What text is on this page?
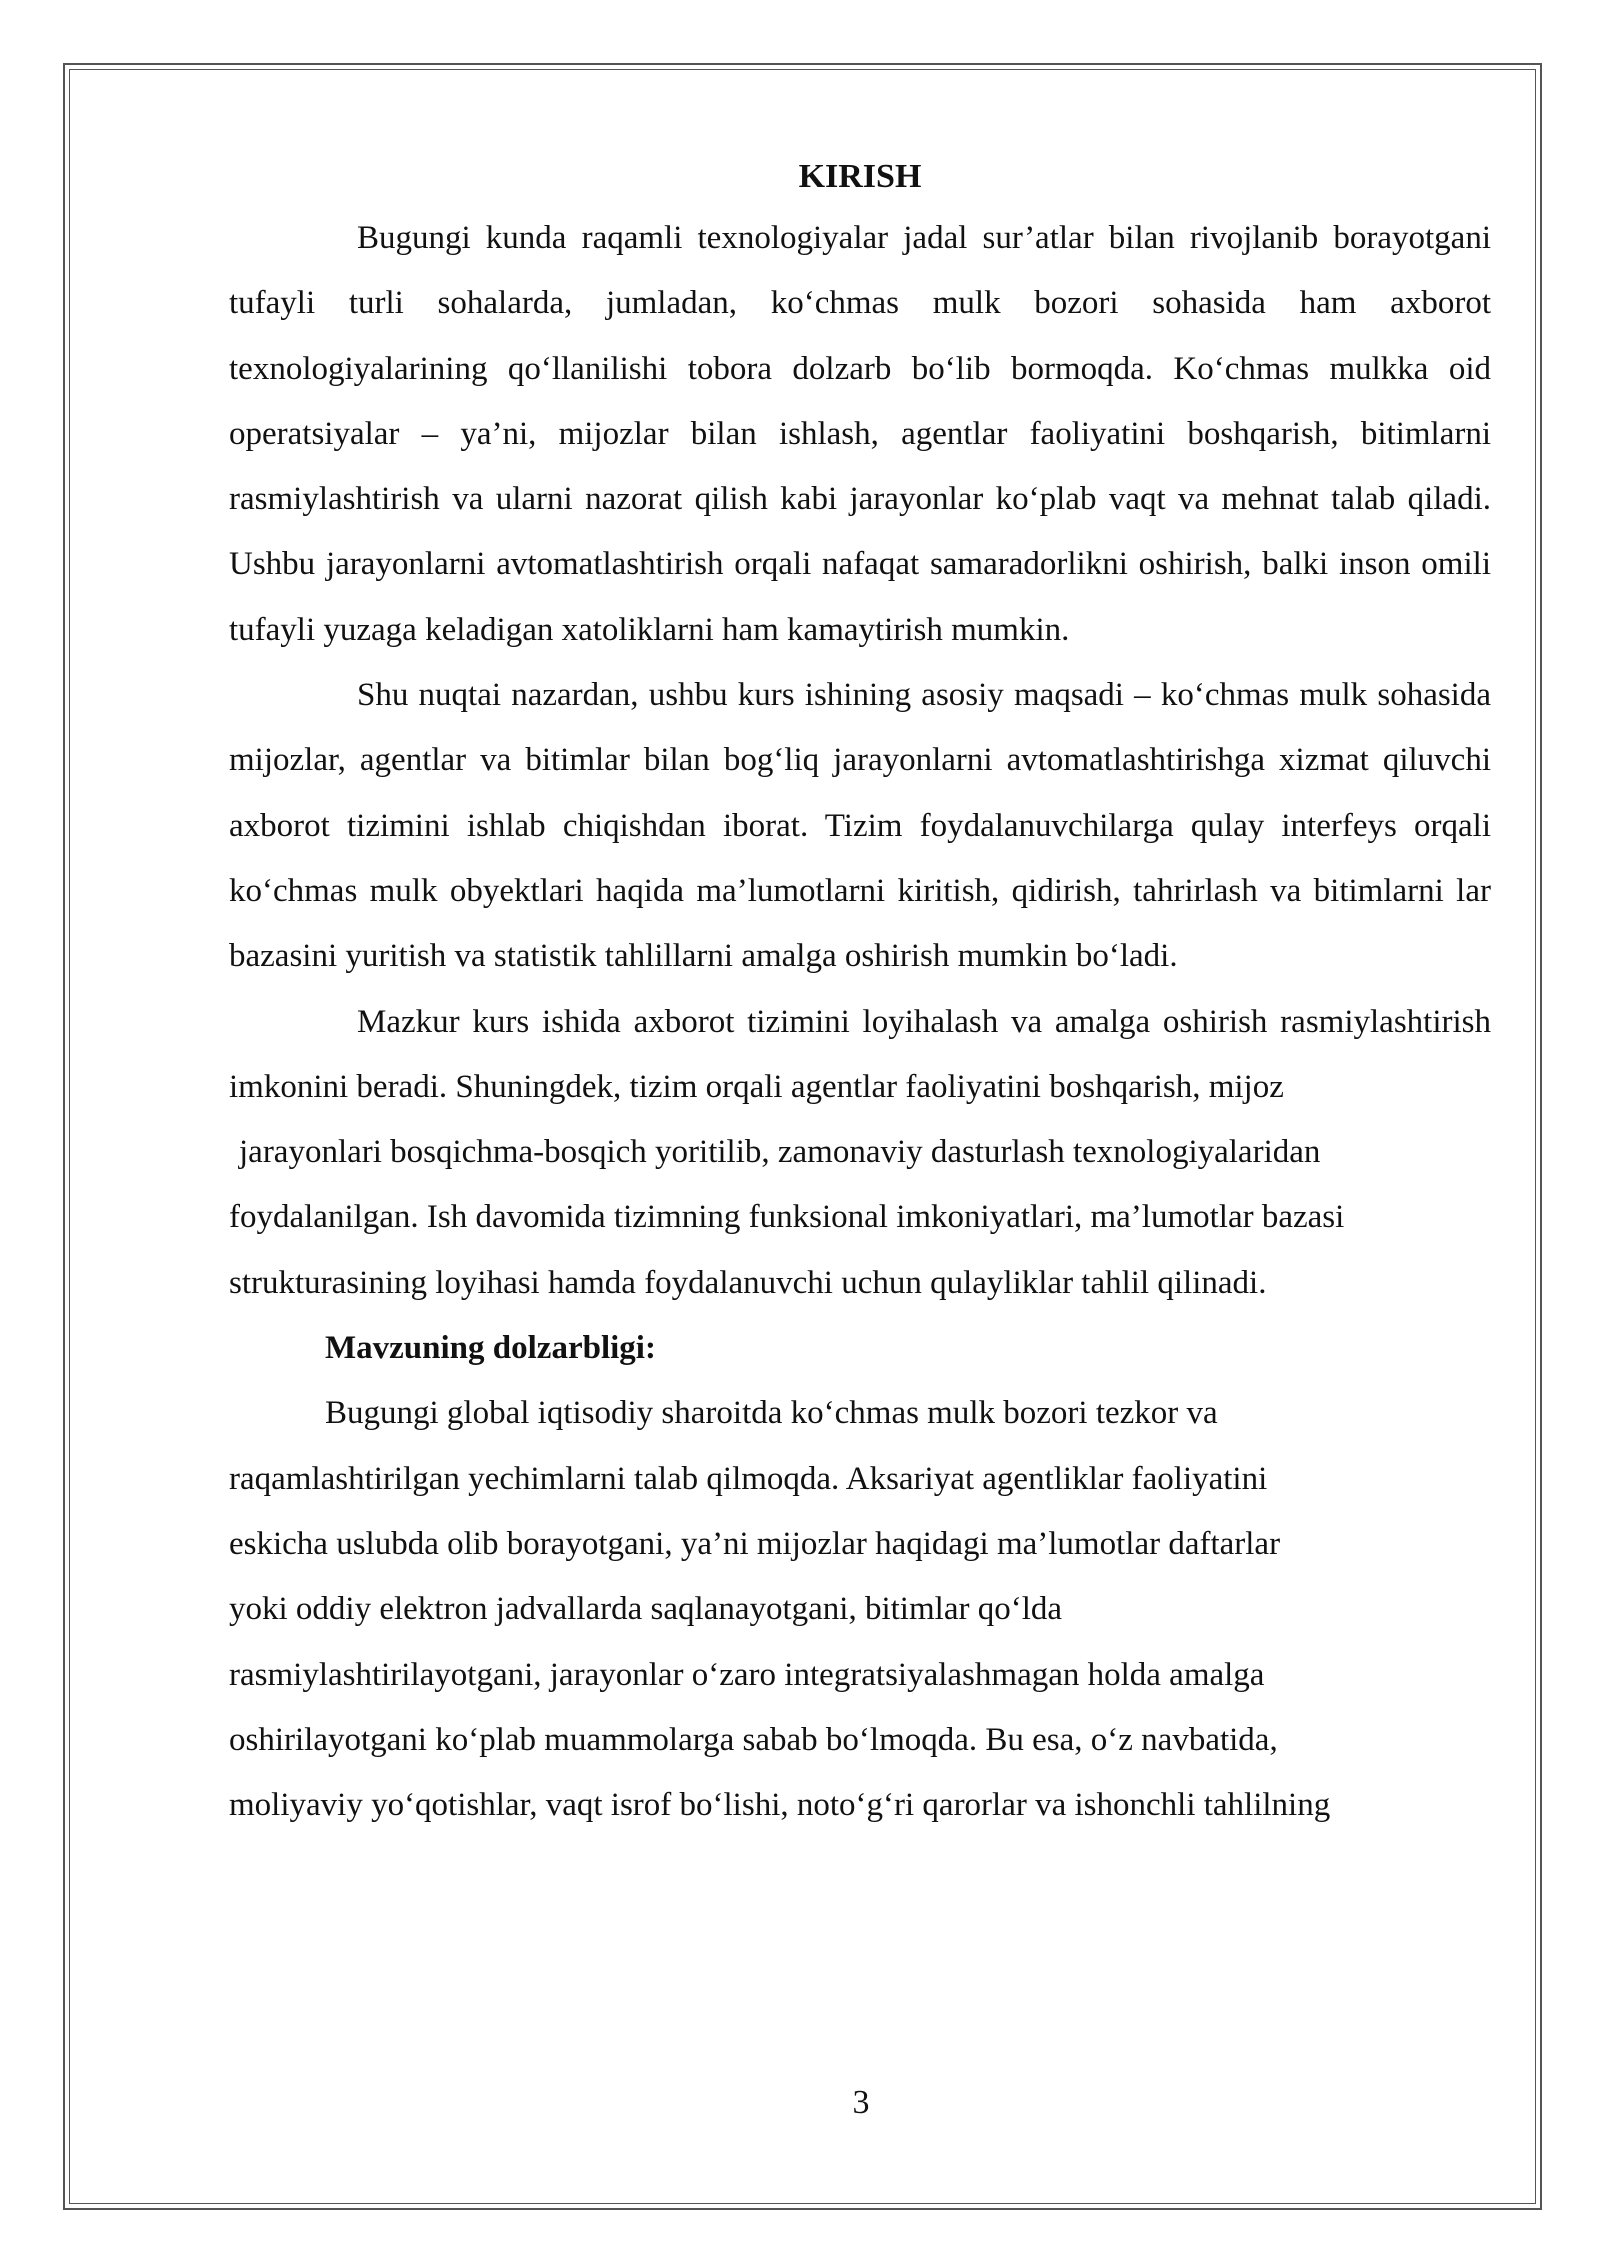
KIRISH

Bugungi kunda raqamli texnologiyalar jadal sur’atlar bilan rivojlanib borayotgani tufayli turli sohalarda, jumladan, ko‘chmas mulk bozori sohasida ham axborot texnologiyalarining qo‘llanilishi tobora dolzarb bo‘lib bormoqda. Ko‘chmas mulkka oid operatsiyalar – ya’ni, mijozlar bilan ishlash, agentlar faoliyatini boshqarish, bitimlarni rasmiylashtirish va ularni nazorat qilish kabi jarayonlar ko‘plab vaqt va mehnat talab qiladi. Ushbu jarayonlarni avtomatlashtirish orqali nafaqat samaradorlikni oshirish, balki inson omili tufayli yuzaga keladigan xatoliklarni ham kamaytirish mumkin.

Shu nuqtai nazardan, ushbu kurs ishining asosiy maqsadi – ko‘chmas mulk sohasida mijozlar, agentlar va bitimlar bilan bog‘liq jarayonlarni avtomatlashtirishga xizmat qiluvchi axborot tizimini ishlab chiqishdan iborat. Tizim foydalanuvchilarga qulay interfeys orqali ko‘chmas mulk obyektlari haqida ma’lumotlarni kiritish, qidirish, tahrirlash va bitimlarni lar bazasini yuritish va statistik tahlillarni amalga oshirish mumkin bo‘ladi.

Mazkur kurs ishida axborot tizimini loyihalash va amalga oshirish rasmiylashtirish imkonini beradi. Shuningdek, tizim orqali agentlar faoliyatini boshqarish, mijoz

jarayonlari bosqichma-bosqich yoritilib, zamonaviy dasturlash texnologiyalaridan foydalanilgan. Ish davomida tizimning funksional imkoniyatlari, ma’lumotlar bazasi strukturasining loyihasi hamda foydalanuvchi uchun qulayliklar tahlil qilinadi.

Mavzuning dolzarbligi:
Bugungi global iqtisodiy sharoitda ko‘chmas mulk bozori tezkor va
raqamlashtirilgan yechimlarni talab qilmoqda. Aksariyat agentliklar faoliyatini
eskicha uslubda olib borayotgani, ya’ni mijozlar haqidagi ma’lumotlar daftarlar
yoki oddiy elektron jadvallarda saqlanayotgani, bitimlar qo‘lda
rasmiylashtirilayotgani, jarayonlar o‘zaro integratsiyalashmagan holda amalga
oshirilayotgani ko‘plab muammolarga sabab bo‘lmoqda. Bu esa, o‘z navbatida,
moliyaviy yo‘qotishlar, vaqt isrof bo‘lishi, noto‘g‘ri qarorlar va ishonchli tahlilning
3
